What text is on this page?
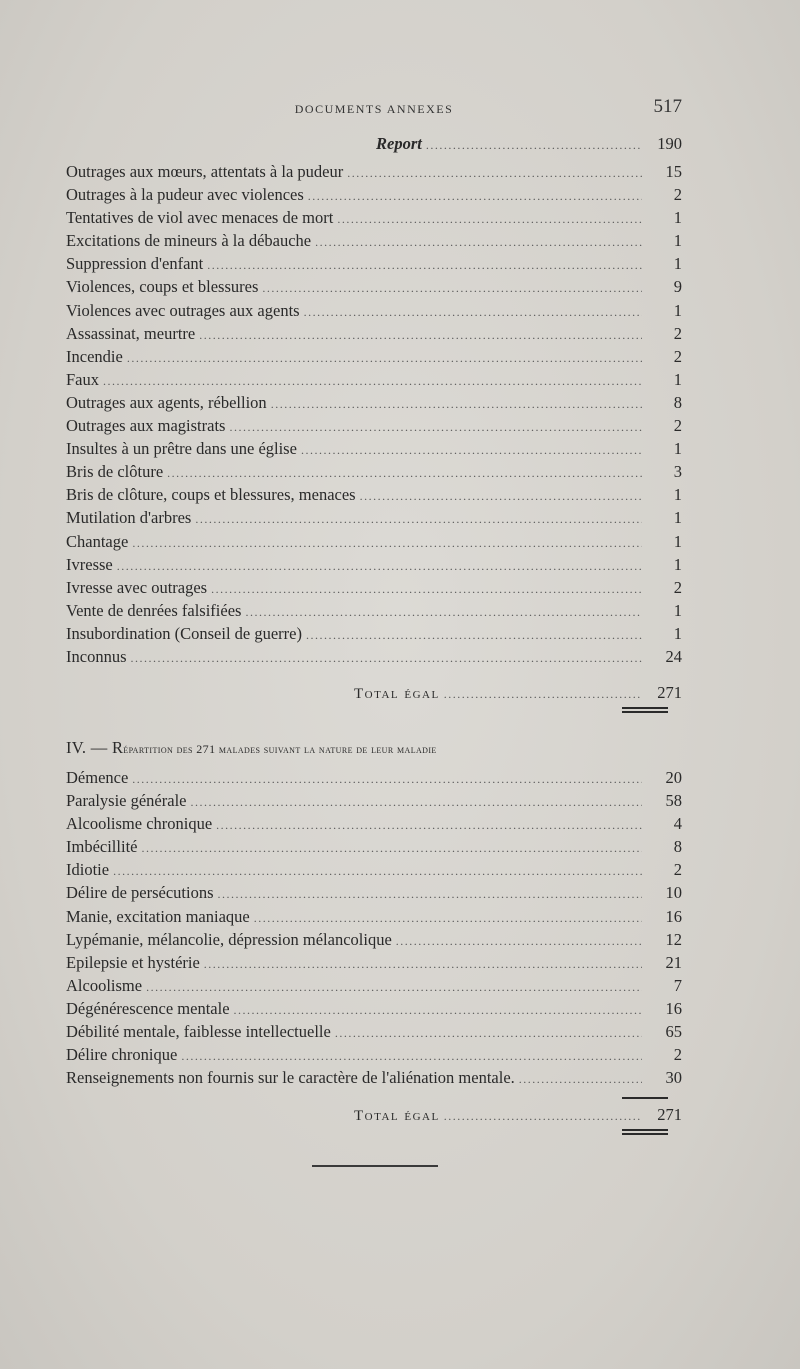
DOCUMENTS ANNEXES	517
Report .....	190
Outrages aux mœurs, attentats à la pudeur .....	15
Outrages à la pudeur avec violences .....	2
Tentatives de viol avec menaces de mort .....	1
Excitations de mineurs à la débauche .....	1
Suppression d'enfant .....	1
Violences, coups et blessures .....	9
Violences avec outrages aux agents .....	1
Assassinat, meurtre .....	2
Incendie .....	2
Faux .....	1
Outrages aux agents, rébellion .....	8
Outrages aux magistrats .....	2
Insultes à un prêtre dans une église .....	1
Bris de clôture .....	3
Bris de clôture, coups et blessures, menaces .....	1
Mutilation d'arbres .....	1
Chantage .....	1
Ivresse .....	1
Ivresse avec outrages .....	2
Vente de denrées falsifiées .....	1
Insubordination (Conseil de guerre) .....	1
Inconnus .....	24
Total égal .....	271
IV. — Répartition des 271 malades suivant la nature de leur maladie
Démence .....	20
Paralysie générale .....	58
Alcoolisme chronique .....	4
Imbécillité .....	8
Idiotie .....	2
Délire de persécutions .....	10
Manie, excitation maniaque .....	16
Lypémanie, mélancolie, dépression mélancolique .....	12
Epilepsie et hystérie .....	21
Alcoolisme .....	7
Dégénérescence mentale .....	16
Débilité mentale, faiblesse intellectuelle .....	65
Délire chronique .....	2
Renseignements non fournis sur le caractère de l'aliénation mentale. .....	30
Total égal .....	271
